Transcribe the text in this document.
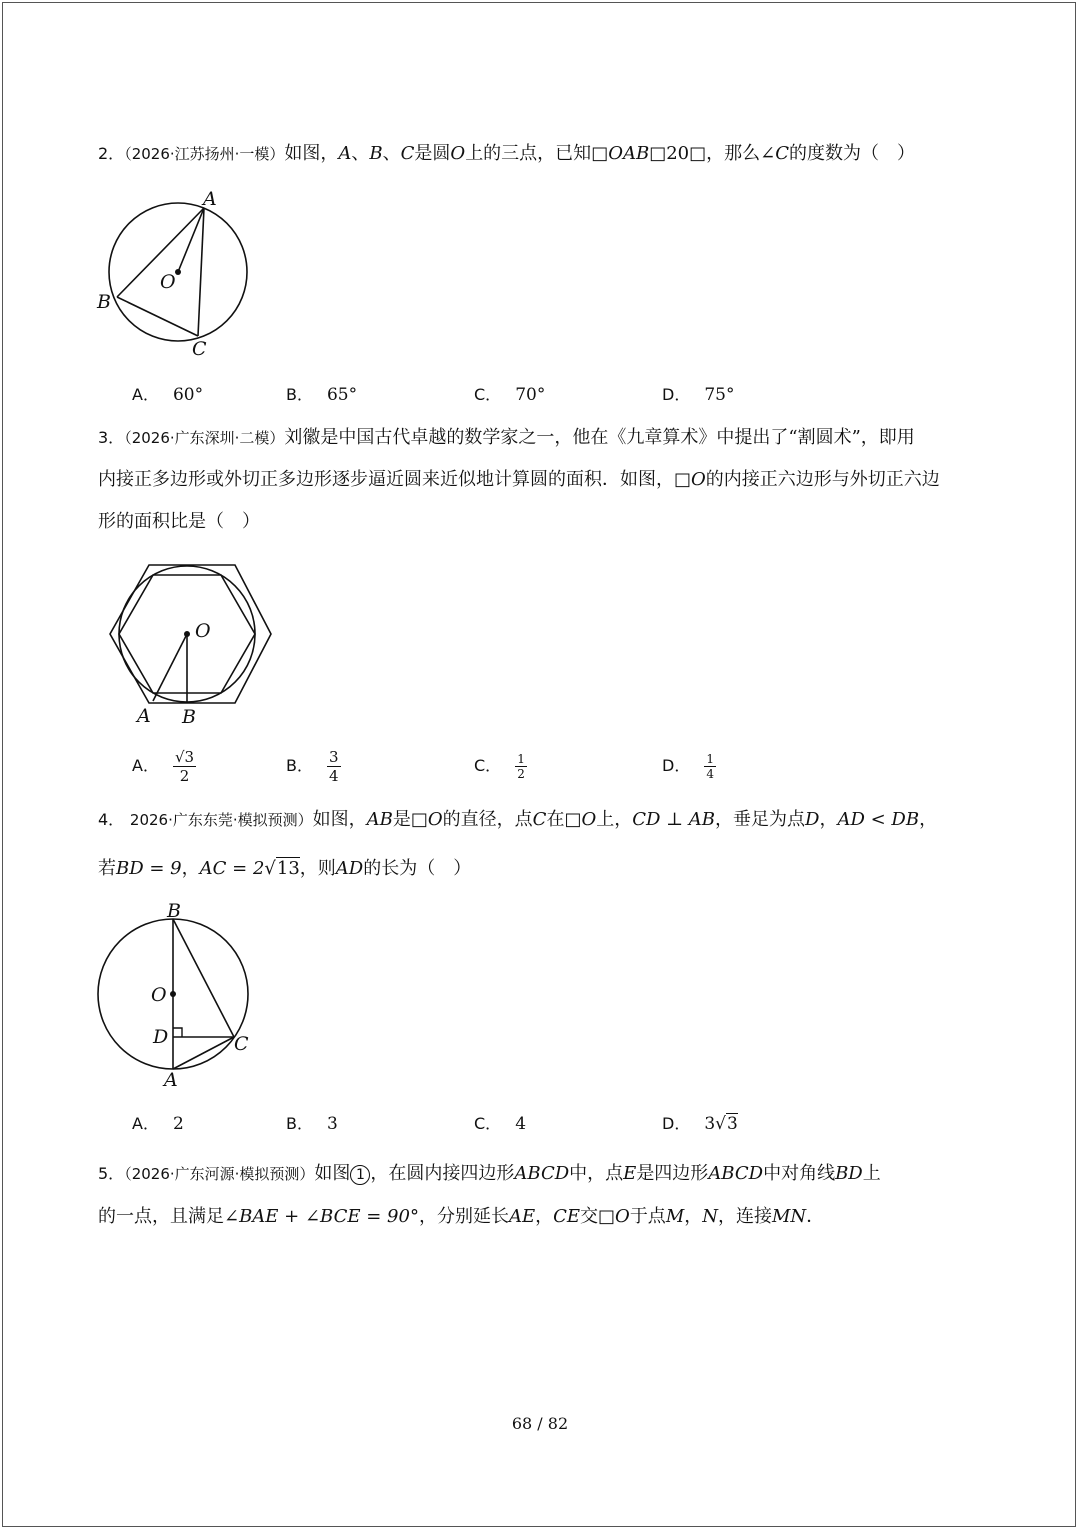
2．（2026·江苏扬州·一模）如图，A、B、C是圆O上的三点，已知□OAB□20□，那么∠C的度数为（　）
A
O
B
C
A． 60°	B． 65°	C． 70°	D． 75°
3．（2026·广东深圳·二模）刘徽是中国古代卓越的数学家之一，他在《九章算术》中提出了“割圆术”，即用
内接正多边形或外切正多边形逐步逼近圆来近似地计算圆的面积．如图，□O的内接正六边形与外切正六边
形的面积比是（　）
O
A B
A． $\frac{√3}{2}$	B． $\frac{3}{4}$	C． $\frac{1}{2}$	D． $\frac{1}{4}$
4． 2026·广东东莞·模拟预测）如图，AB是□O的直径，点C在□O上，CD ⊥ AB，垂足为点D，AD < DB，
若BD = 9，AC = 2√13，则AD的长为（　）
B
O
D	C
A
A． 2	B． 3	C． 4	D． 3√3
5．（2026·广东河源·模拟预测）如图 1 ，在圆内接四边形ABCD中，点E是四边形ABCD中对角线BD上
的一点，且满足∠BAE + ∠BCE = 90°，分别延长AE，CE交□O于点M，N，连接MN．
68 / 82
